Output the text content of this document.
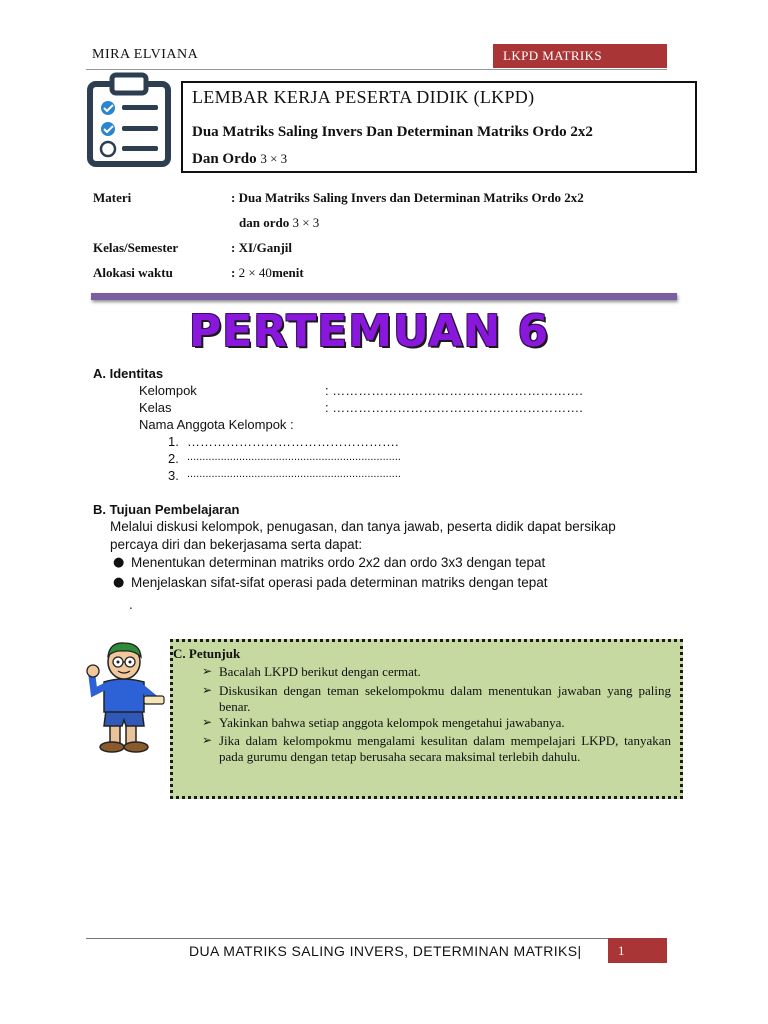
MIRA ELVIANA	LKPD MATRIKS
LEMBAR KERJA PESERTA DIDIK (LKPD)
Dua Matriks Saling Invers Dan Determinan Matriks Ordo 2x2
Dan Ordo 3 × 3
Materi	: Dua Matriks Saling Invers dan Determinan Matriks Ordo 2x2
dan ordo 3 × 3
Kelas/Semester	: XI/Ganjil
Alokasi waktu	: 2 × 40menit
PERTEMUAN 6
A. Identitas
Kelompok	: ………………………………………………….
Kelas	: ………………………………………………….
Nama Anggota Kelompok :
1. ………………………………………….
2. ......................................................................
3. ......................................................................
B. Tujuan Pembelajaran
Melalui diskusi kelompok, penugasan, dan tanya jawab, peserta didik dapat bersikap
percaya diri dan bekerjasama serta dapat:
● Menentukan determinan matriks ordo 2x2 dan ordo 3x3 dengan tepat
● Menjelaskan sifat-sifat operasi pada determinan matriks dengan tepat
.
C. Petunjuk
➢ Bacalah LKPD berikut dengan cermat.
➢ Diskusikan dengan teman sekelompokmu dalam menentukan jawaban yang paling benar.
➢ Yakinkan bahwa setiap anggota kelompok mengetahui jawabanya.
➢ Jika dalam kelompokmu mengalami kesulitan dalam mempelajari LKPD, tanyakan pada gurumu dengan tetap berusaha secara maksimal terlebih dahulu.
DUA MATRIKS SALING INVERS, DETERMINAN MATRIKS|	1
